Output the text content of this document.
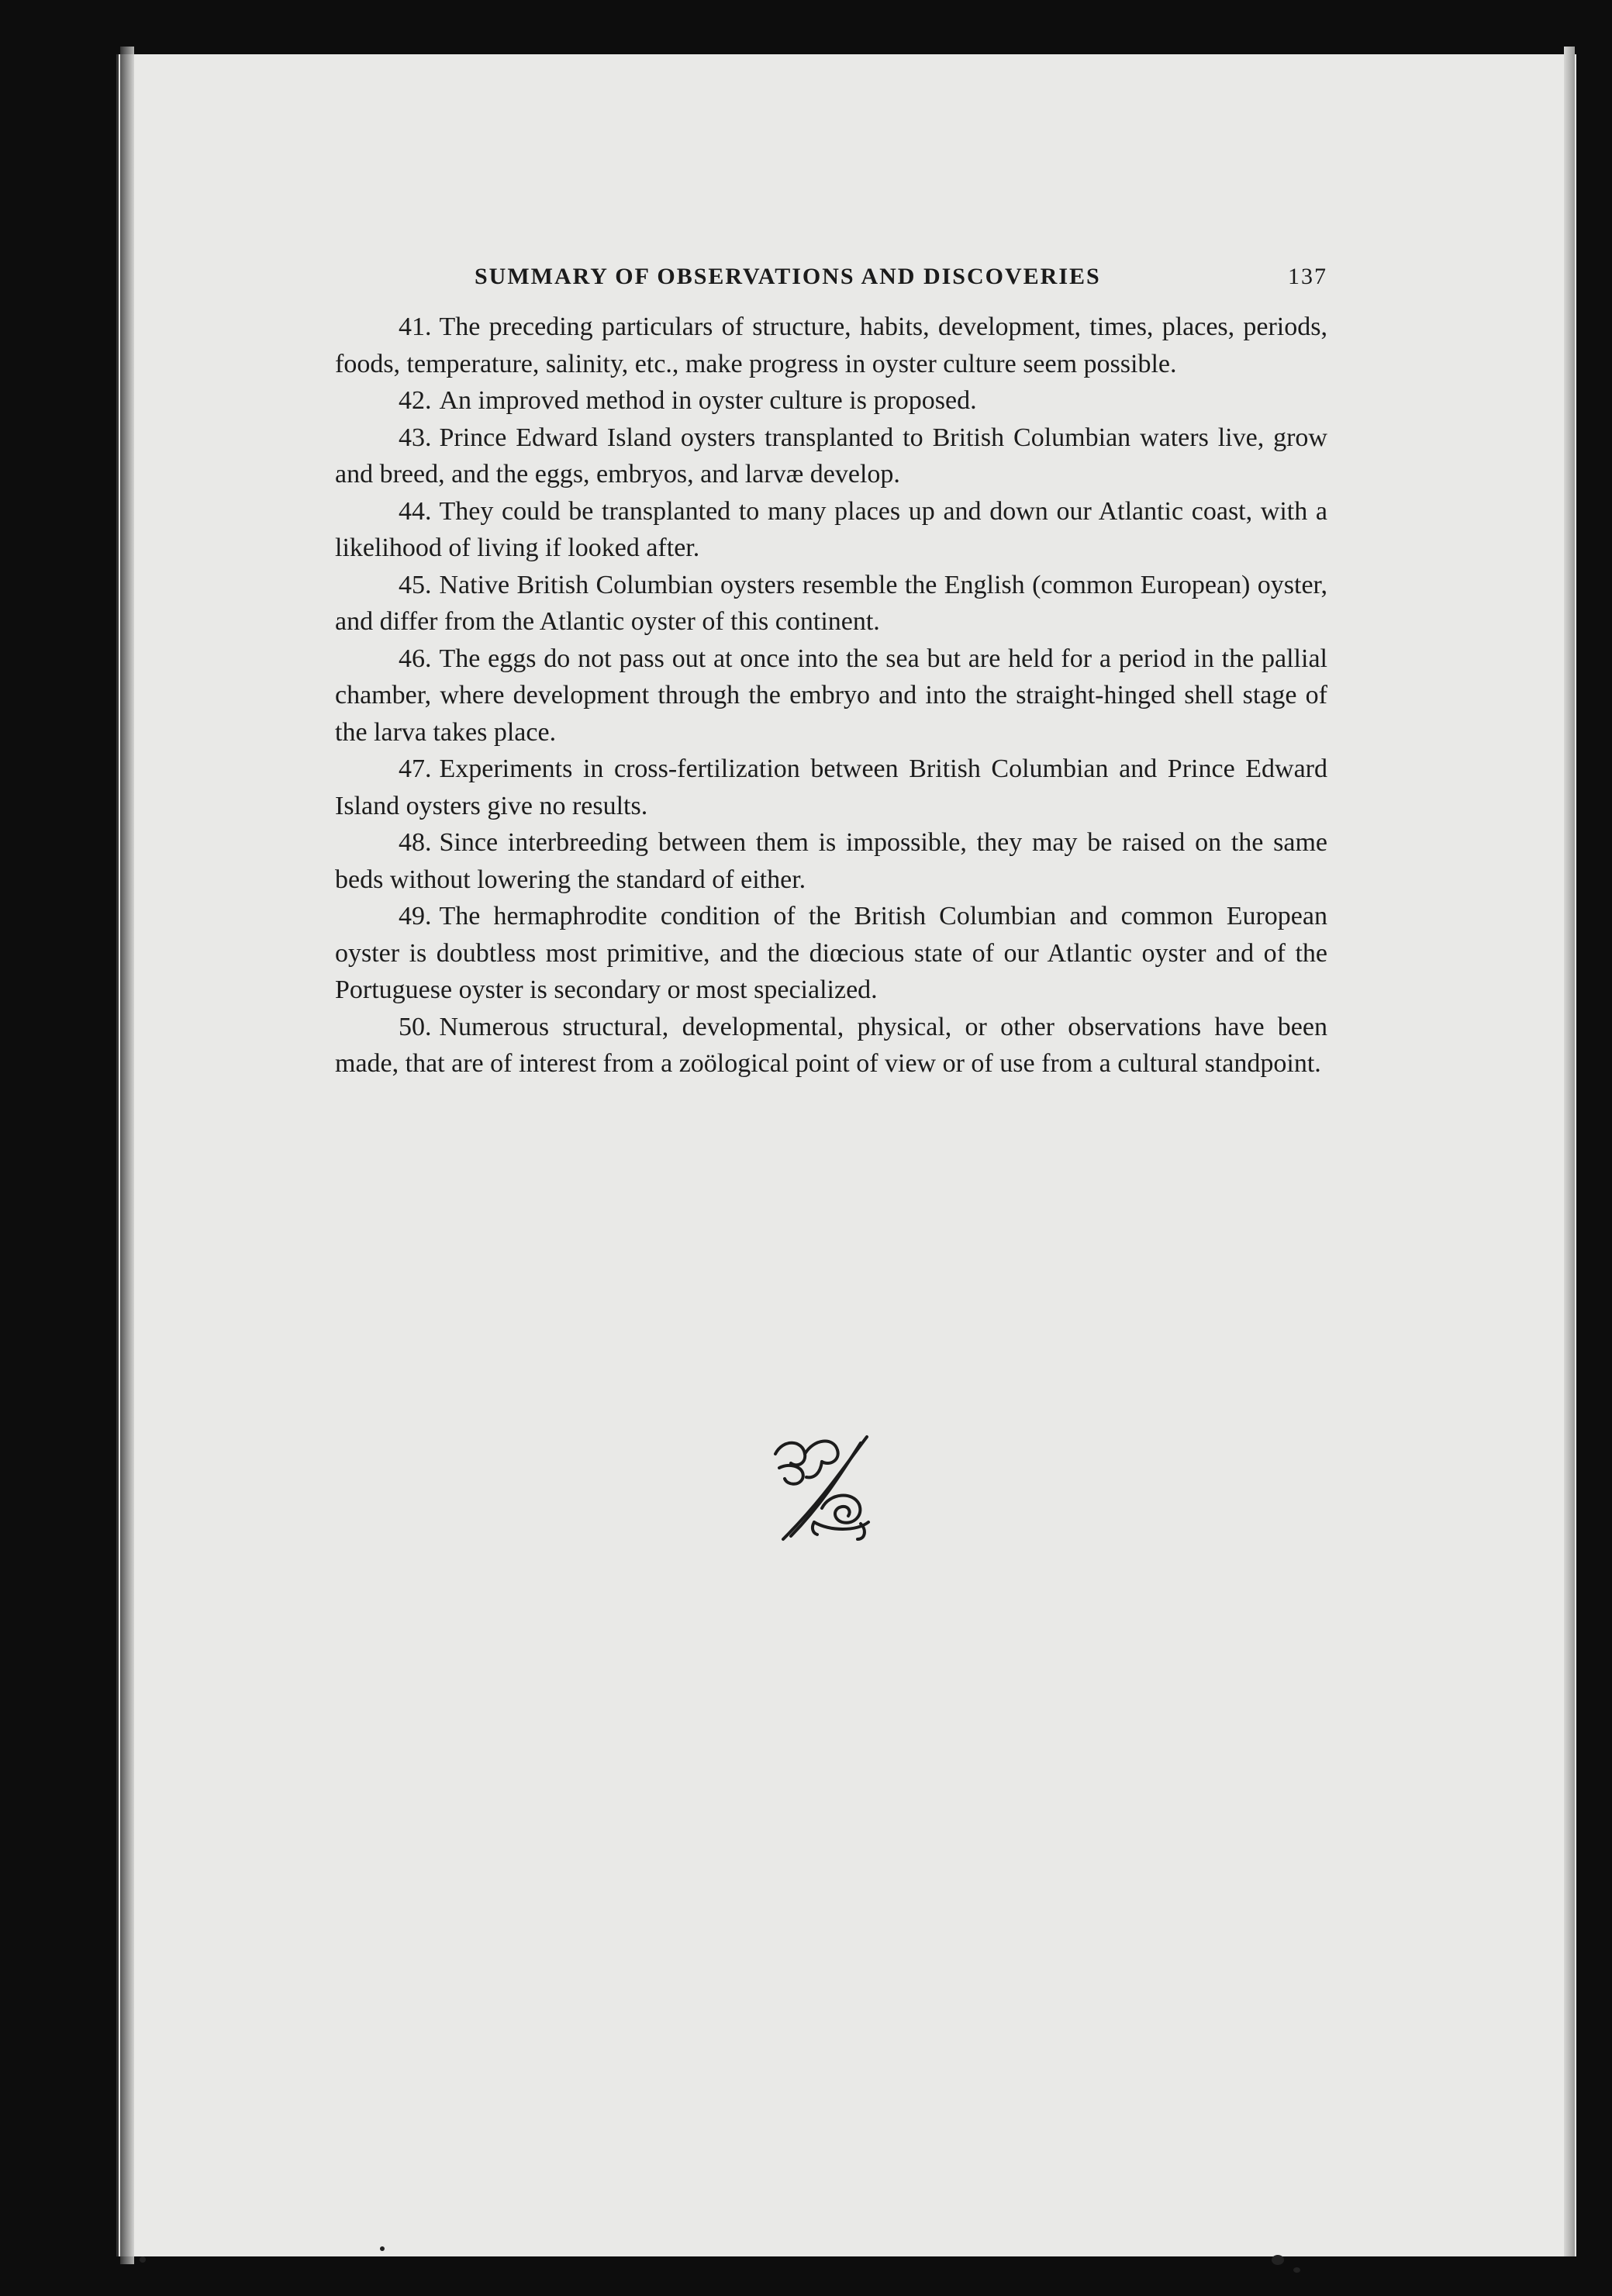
SUMMARY OF OBSERVATIONS AND DISCOVERIES	137

41. The preceding particulars of structure, habits, development, times, places, periods, foods, temperature, salinity, etc., make progress in oyster culture seem possible.

42. An improved method in oyster culture is proposed.

43. Prince Edward Island oysters transplanted to British Columbian waters live, grow and breed, and the eggs, embryos, and larvæ develop.

44. They could be transplanted to many places up and down our Atlantic coast, with a likelihood of living if looked after.

45. Native British Columbian oysters resemble the English (common European) oyster, and differ from the Atlantic oyster of this continent.

46. The eggs do not pass out at once into the sea but are held for a period in the pallial chamber, where development through the embryo and into the straight-hinged shell stage of the larva takes place.

47. Experiments in cross-fertilization between British Columbian and Prince Edward Island oysters give no results.

48. Since interbreeding between them is impossible, they may be raised on the same beds without lowering the standard of either.

49. The hermaphrodite condition of the British Columbian and common European oyster is doubtless most primitive, and the diœcious state of our Atlantic oyster and of the Portuguese oyster is secondary or most specialized.

50. Numerous structural, developmental, physical, or other observations have been made, that are of interest from a zoölogical point of view or of use from a cultural standpoint.
